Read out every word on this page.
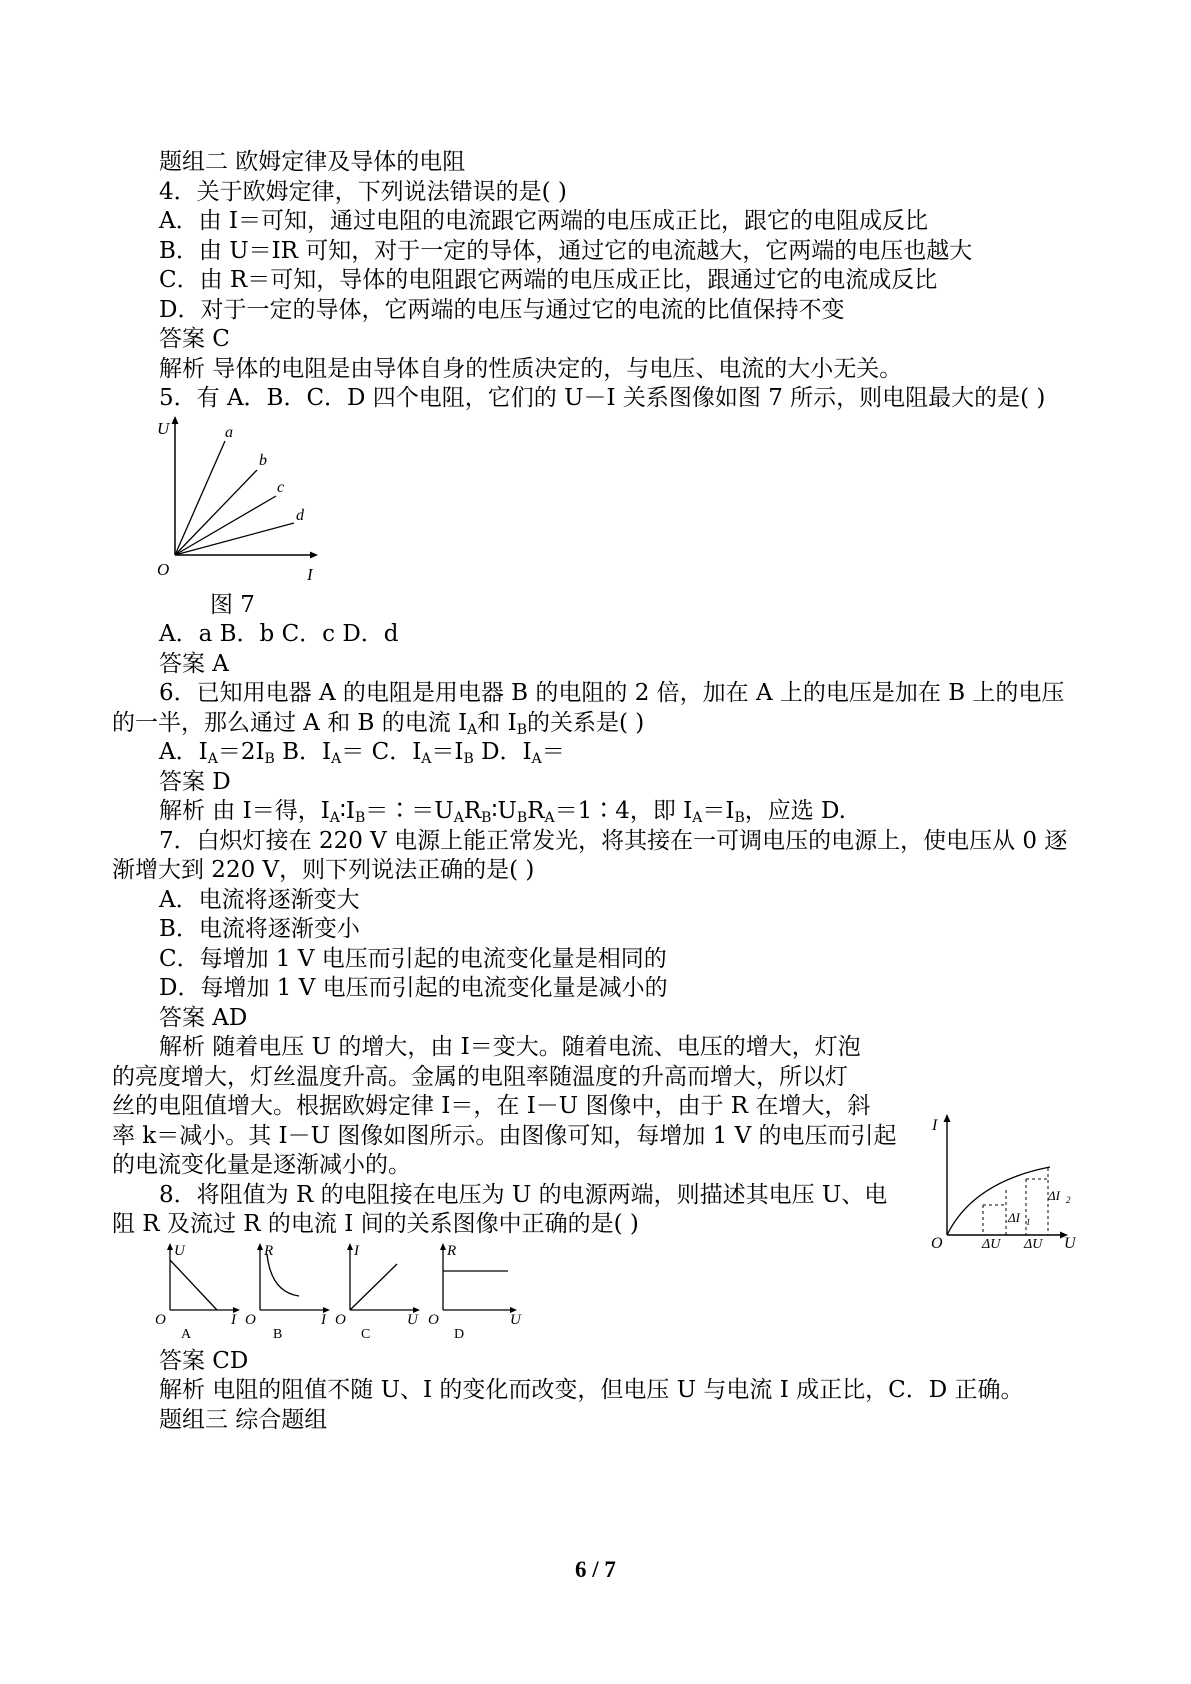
题组二 欧姆定律及导体的电阻
4．关于欧姆定律，下列说法错误的是( )
A．由 I＝可知，通过电阻的电流跟它两端的电压成正比，跟它的电阻成反比
B．由 U＝IR 可知，对于一定的导体，通过它的电流越大，它两端的电压也越大
C．由 R＝可知，导体的电阻跟它两端的电压成正比，跟通过它的电流成反比
D．对于一定的导体，它两端的电压与通过它的电流的比值保持不变
答案 C
解析 导体的电阻是由导体自身的性质决定的，与电压、电流的大小无关。
5．有 A．B．C．D 四个电阻，它们的 U－I 关系图像如图 7 所示，则电阻最大的是( )
U
I
O
a
b
c
d
图 7
A．a B．b C．c D．d
答案 A
6．已知用电器 A 的电阻是用电器 B 的电阻的 2 倍，加在 A 上的电压是加在 B 上的电压
的一半，那么通过 A 和 B 的电流 $I_A$和 $I_B$的关系是( )
A．$I_A=2I_B$ B．$I_A= C$．$I_A=I_B$ D．$I_A=$
答案 D
解析 由 I＝得，$I_A∶I_B=∶=U_AR_B∶U_BR_A=1∶4$，即 $I_A=I_B$，应选 D.
7．白炽灯接在 220 V 电源上能正常发光，将其接在一可调电压的电源上，使电压从 0 逐
渐增大到 220 V，则下列说法正确的是( )
A．电流将逐渐变大
B．电流将逐渐变小
C．每增加 1 V 电压而引起的电流变化量是相同的
D．每增加 1 V 电压而引起的电流变化量是减小的
答案 AD
解析 随着电压 U 的增大，由 I＝变大。随着电流、电压的增大，灯泡
的亮度增大，灯丝温度升高。金属的电阻率随温度的升高而增大，所以灯
丝的电阻值增大。根据欧姆定律 I＝，在 I－U 图像中，由于 R 在增大，斜
率 k＝减小。其 I－U 图像如图所示。由图像可知，每增加 1 V 的电压而引起
的电流变化量是逐渐减小的。
I
U
O	ΔU ΔU
ΔI 1
ΔI 2
8．将阻值为 R 的电阻接在电压为 U 的电源两端，则描述其电压 U、电
阻 R 及流过 R 的电流 I 间的关系图像中正确的是( )
U
I
O
A
R
I
O
B
I
U
O
C
R
U
O
D
答案 CD
解析 电阻的阻值不随 U、I 的变化而改变，但电压 U 与电流 I 成正比，C．D 正确。
题组三 综合题组
6 / 7
